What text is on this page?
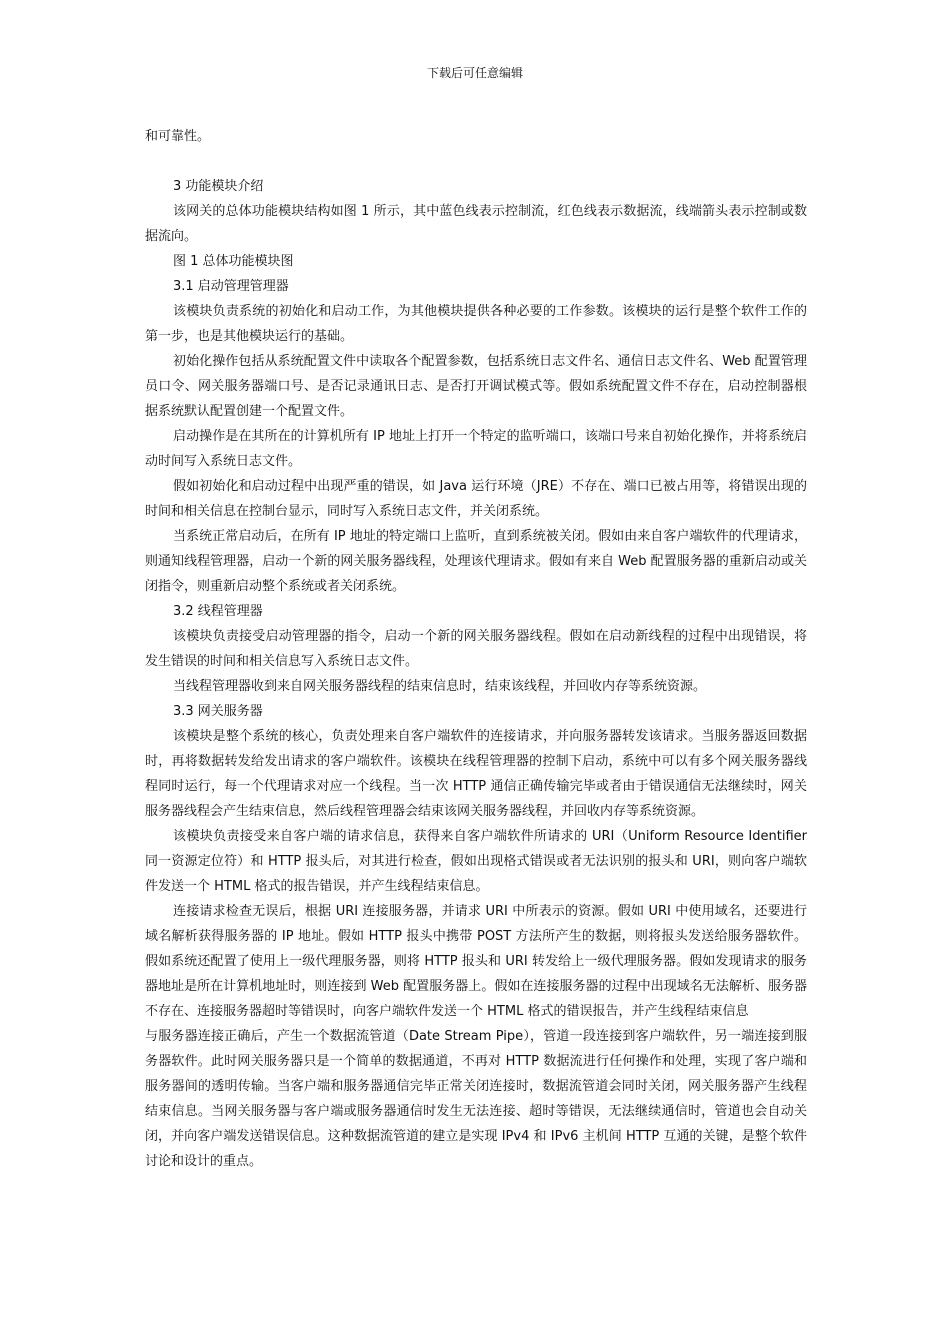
下载后可任意编辑

和可靠性。

3 功能模块介绍

该网关的总体功能模块结构如图 1 所示，其中蓝色线表示控制流，红色线表示数据流，线端箭头表示控制或数据流向。

图 1 总体功能模块图

3.1 启动管理管理器

该模块负责系统的初始化和启动工作，为其他模块提供各种必要的工作参数。该模块的运行是整个软件工作的第一步，也是其他模块运行的基础。

初始化操作包括从系统配置文件中读取各个配置参数，包括系统日志文件名、通信日志文件名、Web 配置管理员口令、网关服务器端口号、是否记录通讯日志、是否打开调试模式等。假如系统配置文件不存在，启动控制器根据系统默认配置创建一个配置文件。

启动操作是在其所在的计算机所有 IP 地址上打开一个特定的监听端口，该端口号来自初始化操作，并将系统启动时间写入系统日志文件。

假如初始化和启动过程中出现严重的错误，如 Java 运行环境（JRE）不存在、端口已被占用等，将错误出现的时间和相关信息在控制台显示，同时写入系统日志文件，并关闭系统。

当系统正常启动后，在所有 IP 地址的特定端口上监听，直到系统被关闭。假如由来自客户端软件的代理请求，则通知线程管理器，启动一个新的网关服务器线程，处理该代理请求。假如有来自 Web 配置服务器的重新启动或关闭指令，则重新启动整个系统或者关闭系统。

3.2 线程管理器

该模块负责接受启动管理器的指令，启动一个新的网关服务器线程。假如在启动新线程的过程中出现错误，将发生错误的时间和相关信息写入系统日志文件。

当线程管理器收到来自网关服务器线程的结束信息时，结束该线程，并回收内存等系统资源。

3.3 网关服务器

该模块是整个系统的核心，负责处理来自客户端软件的连接请求，并向服务器转发该请求。当服务器返回数据时，再将数据转发给发出请求的客户端软件。该模块在线程管理器的控制下启动，系统中可以有多个网关服务器线程同时运行，每一个代理请求对应一个线程。当一次 HTTP 通信正确传输完毕或者由于错误通信无法继续时，网关服务器线程会产生结束信息，然后线程管理器会结束该网关服务器线程，并回收内存等系统资源。

该模块负责接受来自客户端的请求信息，获得来自客户端软件所请求的 URI（Uniform Resource Identifier 同一资源定位符）和 HTTP 报头后，对其进行检查，假如出现格式错误或者无法识别的报头和 URI，则向客户端软件发送一个 HTML 格式的报告错误，并产生线程结束信息。

连接请求检查无误后，根据 URI 连接服务器，并请求 URI 中所表示的资源。假如 URI 中使用域名，还要进行域名解析获得服务器的 IP 地址。假如 HTTP 报头中携带 POST 方法所产生的数据，则将报头发送给服务器软件。假如系统还配置了使用上一级代理服务器，则将 HTTP 报头和 URI 转发给上一级代理服务器。假如发现请求的服务器地址是所在计算机地址时，则连接到 Web 配置服务器上。假如在连接服务器的过程中出现域名无法解析、服务器不存在、连接服务器超时等错误时，向客户端软件发送一个 HTML 格式的错误报告，并产生线程结束信息

与服务器连接正确后，产生一个数据流管道（Date Stream Pipe），管道一段连接到客户端软件，另一端连接到服务器软件。此时网关服务器只是一个简单的数据通道，不再对 HTTP 数据流进行任何操作和处理，实现了客户端和服务器间的透明传输。当客户端和服务器通信完毕正常关闭连接时，数据流管道会同时关闭，网关服务器产生线程结束信息。当网关服务器与客户端或服务器通信时发生无法连接、超时等错误，无法继续通信时，管道也会自动关闭，并向客户端发送错误信息。这种数据流管道的建立是实现 IPv4 和 IPv6 主机间 HTTP 互通的关键，是整个软件讨论和设计的重点。
